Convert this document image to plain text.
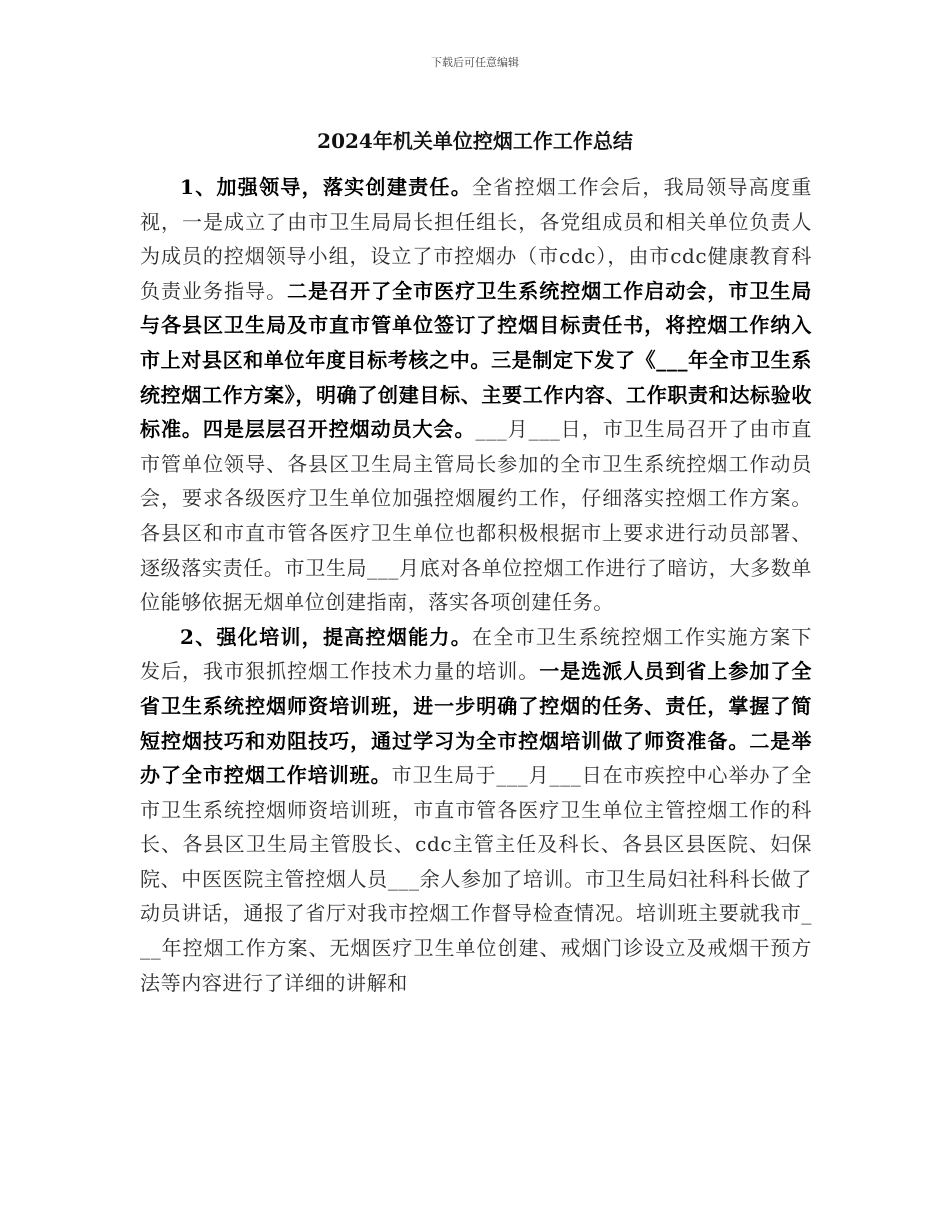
下载后可任意编辑
2024年机关单位控烟工作工作总结

1、加强领导，落实创建责任。全省控烟工作会后，我局领导高度重视，一是成立了由市卫生局局长担任组长，各党组成员和相关单位负责人为成员的控烟领导小组，设立了市控烟办（市cdc），由市cdc健康教育科负责业务指导。二是召开了全市医疗卫生系统控烟工作启动会，市卫生局与各县区卫生局及市直市管单位签订了控烟目标责任书，将控烟工作纳入市上对县区和单位年度目标考核之中。三是制定下发了《___年全市卫生系统控烟工作方案》，明确了创建目标、主要工作内容、工作职责和达标验收标准。四是层层召开控烟动员大会。___月___日，市卫生局召开了由市直市管单位领导、各县区卫生局主管局长参加的全市卫生系统控烟工作动员会，要求各级医疗卫生单位加强控烟履约工作，仔细落实控烟工作方案。各县区和市直市管各医疗卫生单位也都积极根据市上要求进行动员部署、逐级落实责任。市卫生局___月底对各单位控烟工作进行了暗访，大多数单位能够依据无烟单位创建指南，落实各项创建任务。

2、强化培训，提高控烟能力。在全市卫生系统控烟工作实施方案下发后，我市狠抓控烟工作技术力量的培训。一是选派人员到省上参加了全省卫生系统控烟师资培训班，进一步明确了控烟的任务、责任，掌握了简短控烟技巧和劝阻技巧，通过学习为全市控烟培训做了师资准备。二是举办了全市控烟工作培训班。市卫生局于___月___日在市疾控中心举办了全市卫生系统控烟师资培训班，市直市管各医疗卫生单位主管控烟工作的科长、各县区卫生局主管股长、cdc主管主任及科长、各县区县医院、妇保院、中医医院主管控烟人员___余人参加了培训。市卫生局妇社科科长做了动员讲话，通报了省厅对我市控烟工作督导检查情况。培训班主要就我市___年控烟工作方案、无烟医疗卫生单位创建、戒烟门诊设立及戒烟干预方法等内容进行了详细的讲解和
